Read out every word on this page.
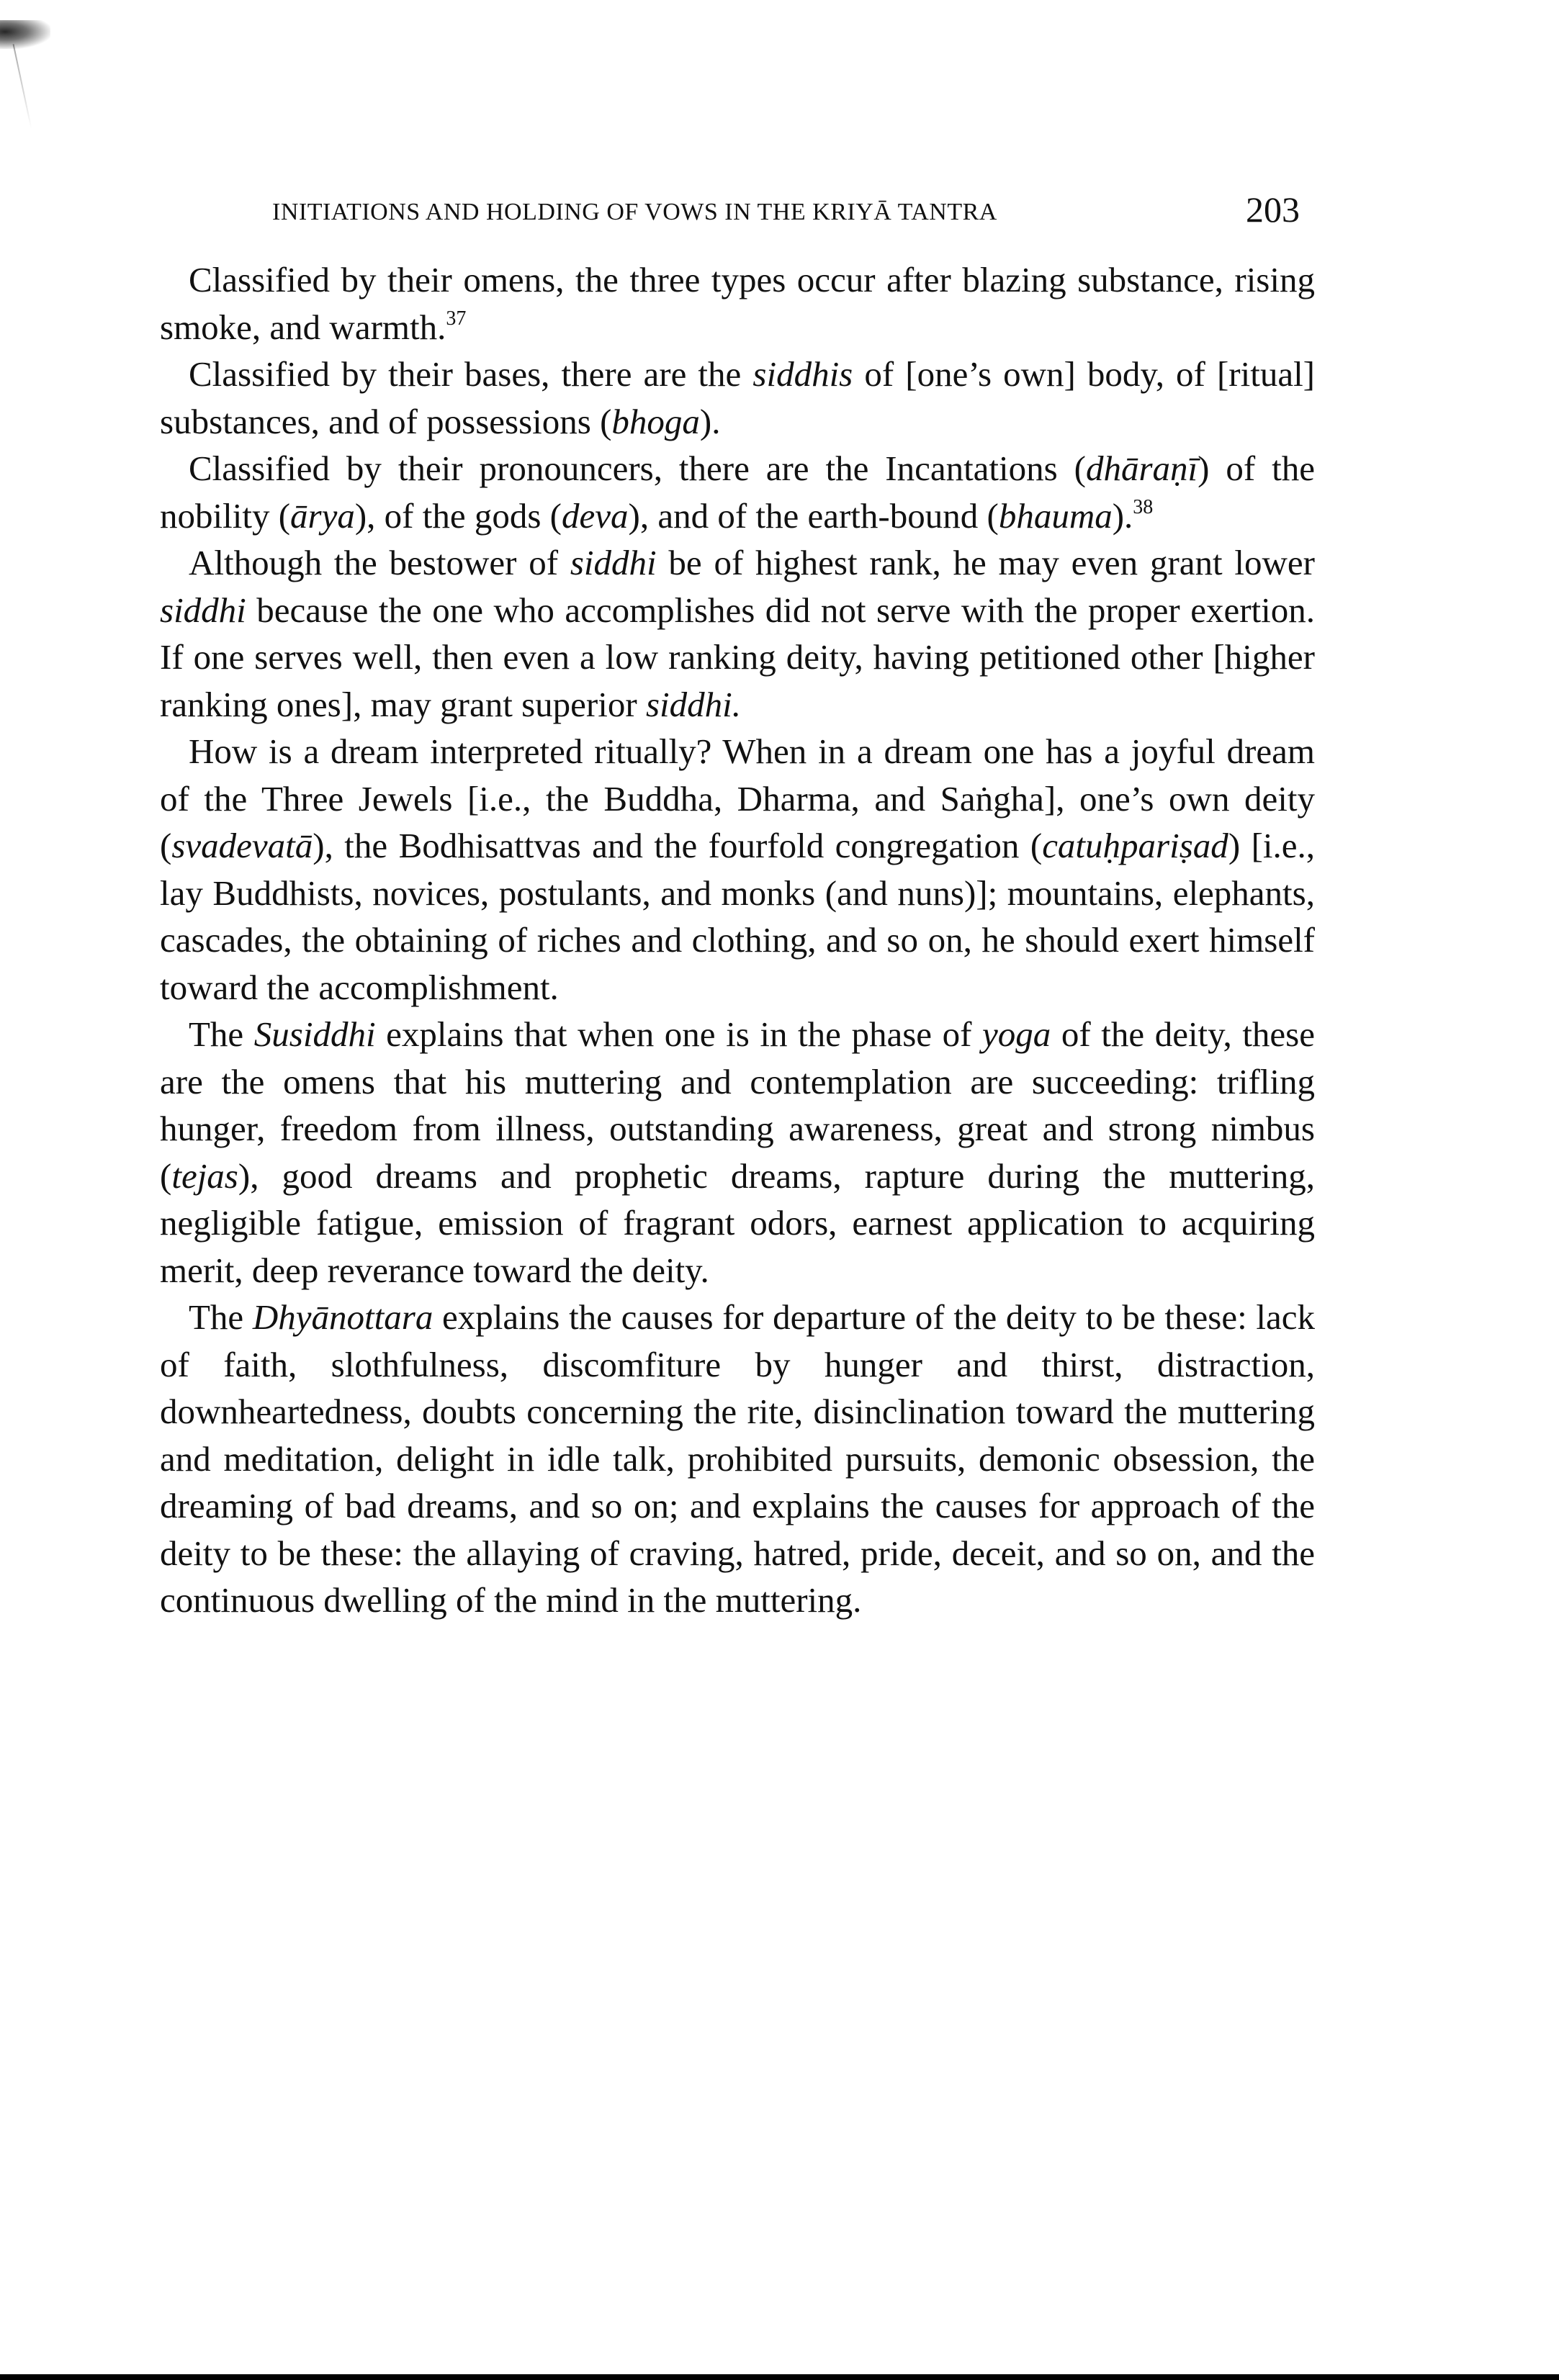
INITIATIONS AND HOLDING OF VOWS IN THE KRIYĀ TANTRA	203

Classified by their omens, the three types occur after blazing substance, rising smoke, and warmth.$^{37}$

Classified by their bases, there are the siddhis of [one’s own] body, of [ritual] substances, and of possessions (bhoga).

Classified by their pronouncers, there are the Incantations (dhāraṇī) of the nobility (ārya), of the gods (deva), and of the earth-bound (bhauma).$^{38}$

Although the bestower of siddhi be of highest rank, he may even grant lower siddhi because the one who accomplishes did not serve with the proper exertion. If one serves well, then even a low ranking deity, having petitioned other [higher ranking ones], may grant superior siddhi.

How is a dream interpreted ritually? When in a dream one has a joyful dream of the Three Jewels [i.e., the Buddha, Dharma, and Saṅgha], one’s own deity (svadevatā), the Bodhisattvas and the fourfold congregation (catuḥpariṣad) [i.e., lay Buddhists, novices, postulants, and monks (and nuns)]; mountains, elephants, cascades, the obtaining of riches and clothing, and so on, he should exert himself toward the accomplishment.

The Susiddhi explains that when one is in the phase of yoga of the deity, these are the omens that his muttering and contemplation are succeeding: trifling hunger, freedom from illness, outstanding awareness, great and strong nimbus (tejas), good dreams and prophetic dreams, rapture during the muttering, negligible fatigue, emission of fragrant odors, earnest application to acquiring merit, deep reverance toward the deity.

The Dhyānottara explains the causes for departure of the deity to be these: lack of faith, slothfulness, discomfiture by hunger and thirst, distraction, downheartedness, doubts concerning the rite, disinclination toward the muttering and meditation, delight in idle talk, prohibited pursuits, demonic obsession, the dreaming of bad dreams, and so on; and explains the causes for approach of the deity to be these: the allaying of craving, hatred, pride, deceit, and so on, and the continuous dwelling of the mind in the muttering.
